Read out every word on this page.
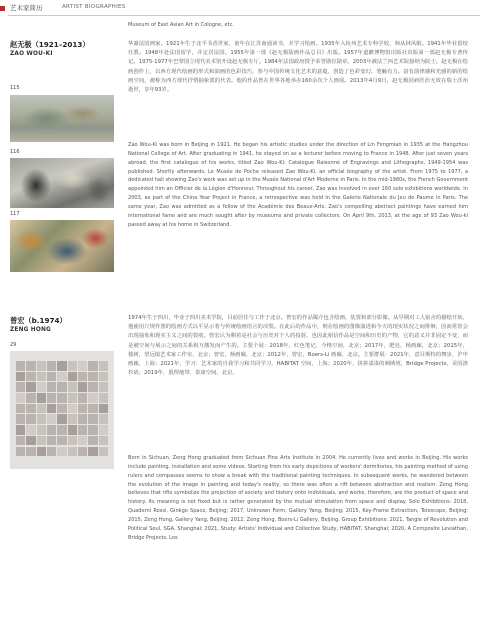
艺术家简历	ARTIST BIOGRAPHIES
Museum of East Asian Art in Cologne, etc.
赵无极（1921–2013）
ZAO WOU-KI
115
116
117
华裔法国画家。1921年生于北平书香世家，童年在江苏南通读书，并学习绘画。1935年入杭州艺术专科学校，师从林风眠。1941年毕业留校任教。1948年赴法国留学，并定居法国。1955年第一部《赵无极版画作品总目》出版。1957年道歉博物馆出版社出版第一部赵无极专著传记。1975-1977年巴黎国立现代美术馆开设赵无极专厅。1984年法国政府授予荣誉勋位勋章。2003年被法兰西艺术院接纳为院士。赵无极在绘画创作上，以西方现代绘画的形式和油画的色彩技巧，参与中国传统文化艺术的意蕴，创造了色彩变幻、笔触有力、富有韵律感和光感的新的绘画空间，被称为西方现代抒情抽象派的代表。他的作品曾在世界各地举办160余次个人画展。2013年4月9日，赵无极因病医治无效在瑞士沃州逝世，享年93岁。
Zao Wou-Ki was born in Beijing in 1921. He began his artistic studies under the direction of Lin Fengmian in 1935 at the Hangzhou National College of Art. After graduating in 1941, he stayed on as a lecturer before moving to France in 1948. After just seven years abroad, the first catalogue of his works, titled Zao Wou-Ki: Catalogue Raisonné of Engravings and Lithographs, 1949-1954 was published. Shortly afterwards, Le Musée de Poche released Zao Wou-Ki, an official biography of the artist. From 1975 to 1977, a dedicated hall showing Zao's work was set up in the Musée National d'Art Moderne in Paris. In the mid-1980s, the French Government appointed him an Officier de la Légion d'Honneur. Throughout his career, Zao was involved in over 160 solo exhibitions worldwide. In 2003, as part of the China Year Project in France, a retrospective was held in the Galerie Nationale du Jeu de Paume in Paris. The same year, Zao was admitted as a fellow of the Académie des Beaux-Arts. Zao's compelling abstract paintings have earned him international fame and are much sought after by museums and private collectors. On April 9th, 2013, at the age of 93 Zao Wou-ki passed away at his home in Switzerland.
曾宏（b.1974）
ZENG HONG
29
1974年生于四川，毕业于四川美术学院，目前居住与工作于北京。曾宏的作品媒介包含绘画、装置和部分影像。从早期对工人宿舍的描绘开始，他使用尺规作图的绘画方式以平显示着与传统绘画语言的决裂。在此后的作品中，则在绘画的图像演进和今天的现实状况之间徘徊，因而常常会出现抽象和现实主义之间的裂痕。曾宏认为剩着是社会与历史对个人的投射，也因此相信作品是空间和历史的产物，它的意义并非固定不变，而是被空间与展示之间的关系相互激发而产生的。主要个展：2018年，红色笔记，今格空间，北京；2017年，肥皂，杨画廊，北京；2015年，独树，望远镜艺术家工作室，北京；曾宏，杨画廊，北京；2012年，曾宏，Boers-Li 画廊，北京。主要群展：2021年，意目斯特的舞步，沪申画廊，上海；2021年，学习：艺术家的自我学习和共同学习，HABITAT 空间，上海；2020年，拼拼凑凑的刺绣班，Bridge Projects，美国洛杉矶；2019年，肌理地带，泰康空间，北京。
Born in Sichuan, Zeng Hong graduated from Sichuan Fine Arts Institute in 2004. He currently lives and works in Beijing. His works include painting, installation and some videos. Starting from his early depictions of workers' dormitories, his painting method of using rulers and compasses seems to show a break with the traditional painting techniques. In subsequent works, he wandered between the evolution of the image in painting and today's reality, so there was often a rift between abstraction and realism. Zeng Hong believes that rifts symbolize the projection of society and history onto individuals, and works, therefore, are the product of space and history. Its meaning is not fixed but is rather generated by the mutual stimulation from space and display. Solo Exhibitions: 2018, Quaderni Rossi, Ginkgo Space, Beijing; 2017, Unknown Form, Gallery Yang, Beijing; 2015, Key-Frame Extraction, Telescope, Beijing; 2015, Zeng Hong, Gallery Yang, Beijing; 2012, Zeng Hong, Boers-Li Gallery, Beijing. Group Exhibitions: 2021, Tangle of Revolution and Political Soul, SGA, Shanghai; 2021, Study: Artists' Individual and Collective Study, HABITAT, Shanghai; 2020, A Composite Leviathan, Bridge Projects, Los
